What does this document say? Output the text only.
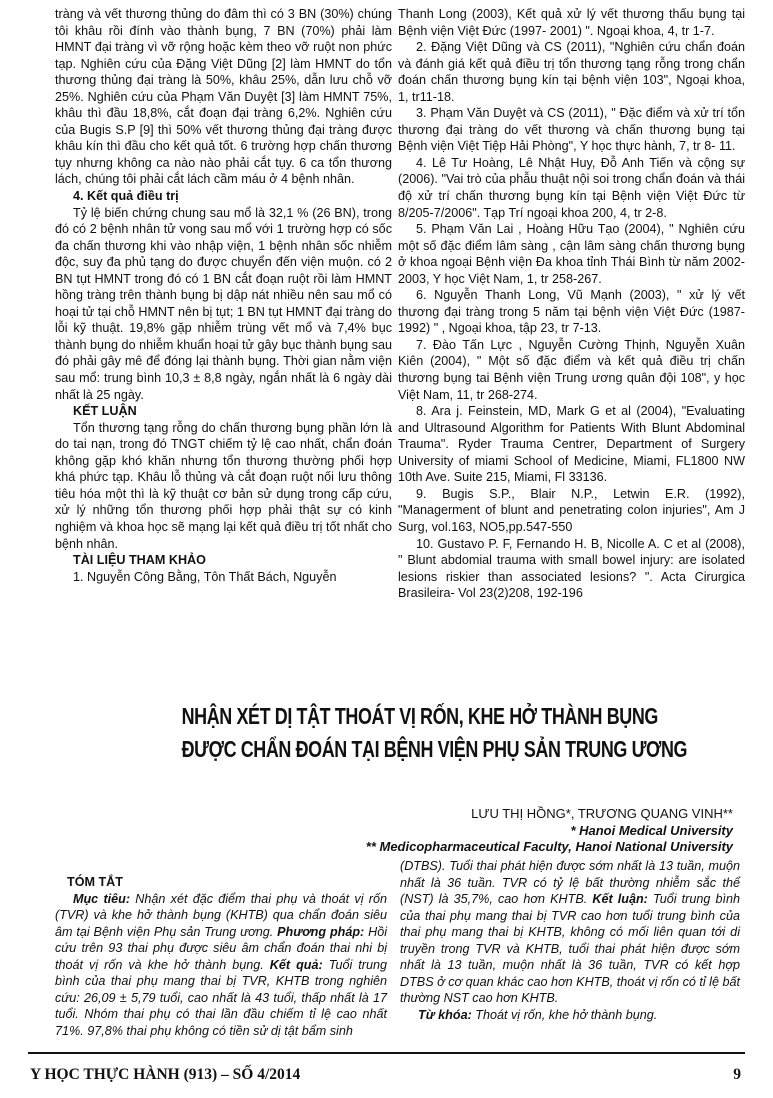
tràng và vết thương thủng do đâm thì có 3 BN (30%) chúng tôi khâu rồi đính vào thành bụng, 7 BN (70%) phải làm HMNT đại tràng vì vỡ rộng hoặc kèm theo vỡ ruột non phức tạp. Nghiên cứu của Đặng Việt Dũng [2] làm HMNT do tổn thương thủng đại tràng là 50%, khâu 25%, dẫn lưu chỗ vỡ 25%. Nghiên cứu của Phạm Văn Duyệt [3] làm HMNT 75%, khâu thì đầu 18,8%, cắt đoạn đại tràng 6,2%. Nghiên cứu của Bugis S.P [9] thì 50% vết thương thủng đại tràng được khâu kín thì đầu cho kết quả tốt. 6 trường hợp chấn thương tụy nhưng không ca nào nào phải cắt tụy. 6 ca tổn thương lách, chúng tôi phải cắt lách cầm máu ở 4 bệnh nhân.

4. Kết quả điều trị

Tỷ lệ biến chứng chung sau mổ là 32,1 % (26 BN), trong đó có 2 bệnh nhân tử vong sau mổ với 1 trường hợp có sốc đa chấn thương khi vào nhập viện, 1 bệnh nhân sốc nhiễm độc, suy đa phủ tạng do được chuyển đến viện muộn. có 2 BN tụt HMNT trong đó có 1 BN cắt đoạn ruột rồi làm HMNT hồng tràng trên thành bụng bị dập nát nhiều nên sau mổ có hoại tử tại chỗ HMNT nên bị tụt; 1 BN tụt HMNT đại tràng do lỗi kỹ thuật. 19,8% gặp nhiễm trùng vết mổ và 7,4% bục thành bụng do nhiễm khuẩn hoại tử gây bục thành bụng sau đó phải gây mê để đóng lại thành bụng. Thời gian nằm viện sau mổ: trung bình 10,3 ± 8,8 ngày, ngắn nhất là 6 ngày dài nhất là 25 ngày.

KẾT LUẬN

Tổn thương tạng rỗng do chấn thương bụng phần lớn là do tai nạn, trong đó TNGT chiếm tỷ lệ cao nhất, chẩn đoán không gặp khó khăn nhưng tổn thương thường phối hợp khá phức tạp. Khâu lỗ thủng và cắt đoạn ruột nối lưu thông tiêu hóa một thì là kỹ thuật cơ bản sử dụng trong cấp cứu, xử lý những tổn thương phối hợp phải thật sự có kinh nghiệm và khoa học sẽ mạng lại kết quả điều trị tốt nhất cho bệnh nhân.

TÀI LIỆU THAM KHẢO

1. Nguyễn Công Bằng, Tôn Thất Bách, Nguyễn

Thanh Long (2003), Kết quả xử lý vết thương thấu bụng tại Bệnh viện Việt Đức (1997- 2001) ". Ngoại khoa, 4, tr 1-7.

2. Đặng Việt Dũng và CS (2011), "Nghiên cứu chẩn đoán và đánh giá kết quả điều trị tổn thương tạng rỗng trong chẩn đoán chấn thương bụng kín tại bệnh viện 103", Ngoại khoa, 1, tr11-18.

3. Phạm Văn Duyệt và CS (2011), " Đặc điểm và xử trí tổn thương đại tràng do vết thương và chấn thương bụng tại Bệnh viện Việt Tiệp Hải Phòng", Y học thực hành, 7, tr 8- 11.

4. Lê Tư Hoàng, Lê Nhật Huy, Đỗ Anh Tiến và cộng sự (2006). "Vai trò của phẫu thuật nội soi trong chẩn đoán và thái độ xử trí chấn thương bụng kín tại Bệnh viện Việt Đức từ 8/205-7/2006". Tạp Trí ngoại khoa 200, 4, tr 2-8.

5. Phạm Văn Lai , Hoàng Hữu Tạo (2004), " Nghiên cứu một số đặc điểm lâm sàng , cận lâm sàng chấn thương bụng ở khoa ngoại Bệnh viện Đa khoa tỉnh Thái Bình từ năm 2002-2003, Y học Việt Nam, 1, tr 258-267.

6. Nguyễn Thanh Long, Vũ Mạnh (2003), " xử lý vết thương đại tràng trong 5 năm tại bệnh viện Việt Đức (1987-1992) " , Ngoại khoa, tập 23, tr 7-13.

7. Đào Tấn Lực , Nguyễn Cường Thịnh, Nguyễn Xuân Kiên (2004), " Một số đặc điểm và kết quả điều trị chấn thương bụng tai Bệnh viện Trung ương quân đội 108", y học Việt Nam, 11, tr 268-274.

8. Ara j. Feinstein, MD, Mark G et al (2004), "Evaluating and Ultrasound Algorithm for Patients With Blunt Abdominal Trauma". Ryder Trauma Centrer, Department of Surgery University of miami School of Medicine, Miami, FL1800 NW 10th Ave. Suite 215, Miami, Fl 33136.

9. Bugis S.P., Blair N.P., Letwin E.R. (1992), "Managerment of blunt and penetrating colon injuries", Am J Surg, vol.163, NO5,pp.547-550

10. Gustavo P. F, Fernando H. B, Nicolle A. C et al (2008), " Blunt abdomial trauma with small bowel injury: are isolated lesions riskier than associated lesions? ". Acta Cirurgica Brasileira- Vol 23(2)208, 192-196

NHẬN XÉT DỊ TẬT THOÁT VỊ RỐN, KHE HỞ THÀNH BỤNG
ĐƯỢC CHẨN ĐOÁN TẠI BỆNH VIỆN PHỤ SẢN TRUNG ƯƠNG
LƯU THỊ HỒNG*, TRƯƠNG QUANG VINH**
* Hanoi Medical University
** Medicopharmaceutical Faculty, Hanoi National University

TÓM TẮT

Mục tiêu: Nhận xét đặc điểm thai phụ và thoát vị rốn (TVR) và khe hở thành bụng (KHTB) qua chẩn đoán siêu âm tại Bệnh viện Phụ sản Trung ương. Phương pháp: Hồi cứu trên 93 thai phụ được siêu âm chẩn đoán thai nhi bị thoát vị rốn và khe hở thành bụng. Kết quả: Tuổi trung bình của thai phụ mang thai bị TVR, KHTB trong nghiên cứu: 26,09 ± 5,79 tuổi, cao nhất là 43 tuổi, thấp nhất là 17 tuổi. Nhóm thai phụ có thai lần đầu chiếm tỉ lệ cao nhất 71%. 97,8% thai phụ không có tiền sử dị tật bẩm sinh

(DTBS). Tuổi thai phát hiện được sớm nhất là 13 tuần, muộn nhất là 36 tuần. TVR có tỷ lệ bất thường nhiễm sắc thể (NST) là 35,7%, cao hơn KHTB. Kết luận: Tuổi trung bình của thai phụ mang thai bị TVR cao hơn tuổi trung bình của thai phụ mang thai bị KHTB, không có mối liên quan tới di truyền trong TVR và KHTB, tuổi thai phát hiện được sớm nhất là 13 tuần, muộn nhất là 36 tuần, TVR có kết hợp DTBS ở cơ quan khác cao hơn KHTB, thoát vị rốn có tỉ lệ bất thường NST cao hơn KHTB.

Từ khóa: Thoát vị rốn, khe hở thành bụng.

Y HỌC THỰC HÀNH (913) – SỐ 4/2014	9
